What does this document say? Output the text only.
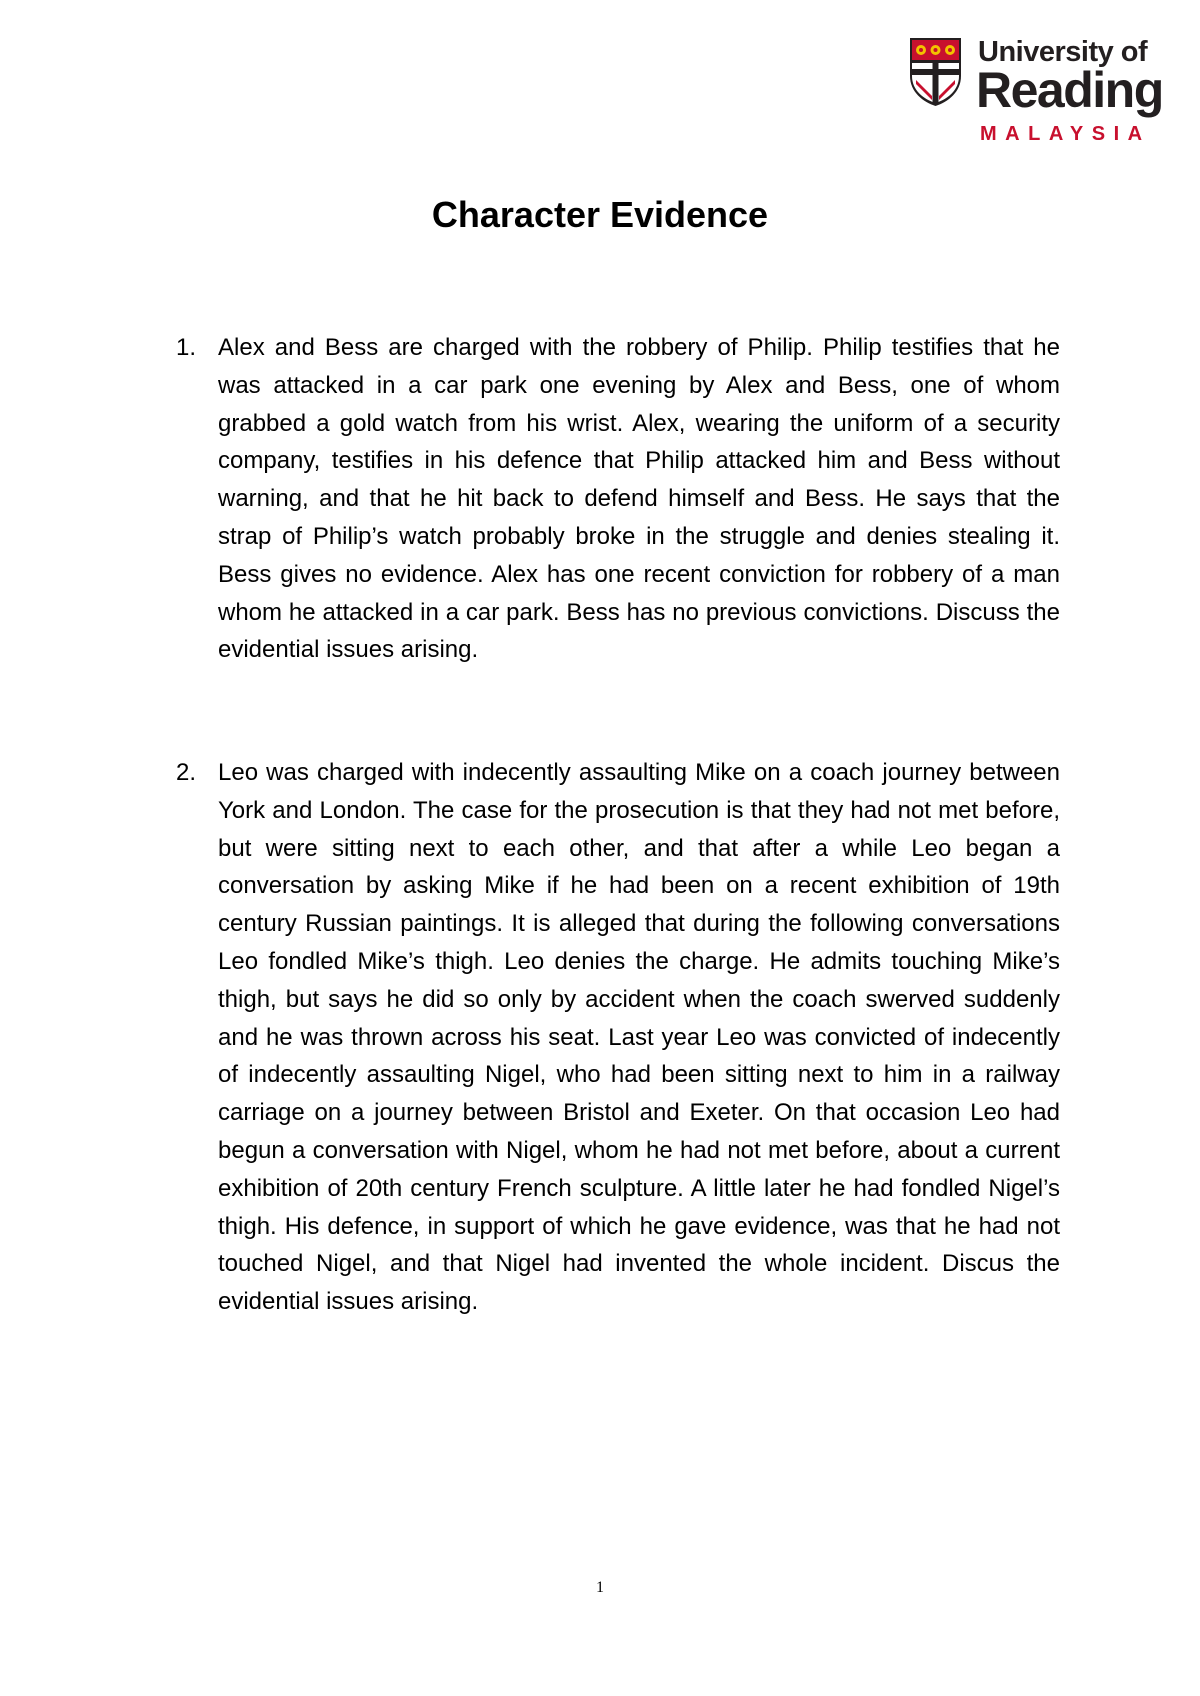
University of
Reading
MALAYSIA
Character Evidence
1. Alex and Bess are charged with the robbery of Philip. Philip testifies that he was attacked in a car park one evening by Alex and Bess, one of whom grabbed a gold watch from his wrist. Alex, wearing the uniform of a security company, testifies in his defence that Philip attacked him and Bess without warning, and that he hit back to defend himself and Bess. He says that the strap of Philip’s watch probably broke in the struggle and denies stealing it. Bess gives no evidence. Alex has one recent conviction for robbery of a man whom he attacked in a car park. Bess has no previous convictions. Discuss the evidential issues arising.

2. Leo was charged with indecently assaulting Mike on a coach journey between York and London. The case for the prosecution is that they had not met before, but were sitting next to each other, and that after a while Leo began a conversation by asking Mike if he had been on a recent exhibition of 19th century Russian paintings. It is alleged that during the following conversations Leo fondled Mike’s thigh. Leo denies the charge. He admits touching Mike’s thigh, but says he did so only by accident when the coach swerved suddenly and he was thrown across his seat. Last year Leo was convicted of indecently of indecently assaulting Nigel, who had been sitting next to him in a railway carriage on a journey between Bristol and Exeter. On that occasion Leo had begun a conversation with Nigel, whom he had not met before, about a current exhibition of 20th century French sculpture. A little later he had fondled Nigel’s thigh. His defence, in support of which he gave evidence, was that he had not touched Nigel, and that Nigel had invented the whole incident. Discus the evidential issues arising.

1
